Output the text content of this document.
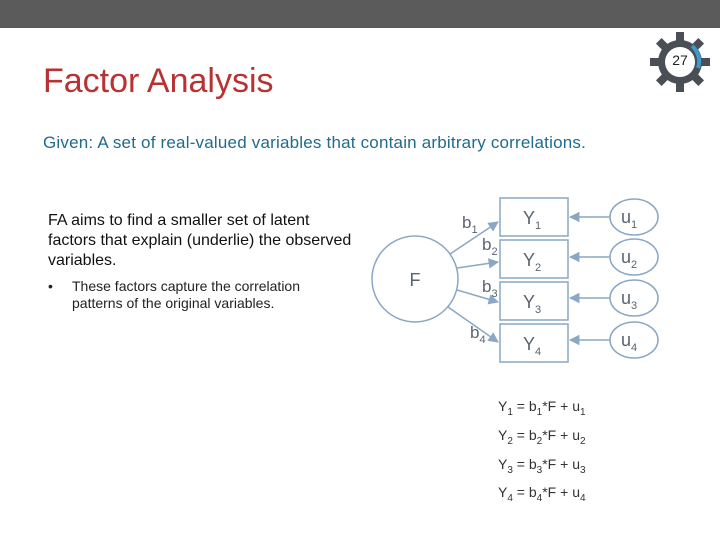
27
Factor Analysis
Given: A set of real-valued variables that contain arbitrary correlations.
FA aims to find a smaller set of latent factors that explain (underlie) the observed variables.
• These factors capture the correlation patterns of the original variables.
F
$Y_1$
$Y_2$
$Y_3$
$Y_4$
$b_1$
$b_2$
$b_3$
$b_4$
$u_1$
$u_2$
$u_3$
$u_4$
$Y_1 = b_1*F + u_1$
$Y_2 = b_2*F + u_2$
$Y_3 = b_3*F + u_3$
$Y_4 = b_4*F + u_4$
